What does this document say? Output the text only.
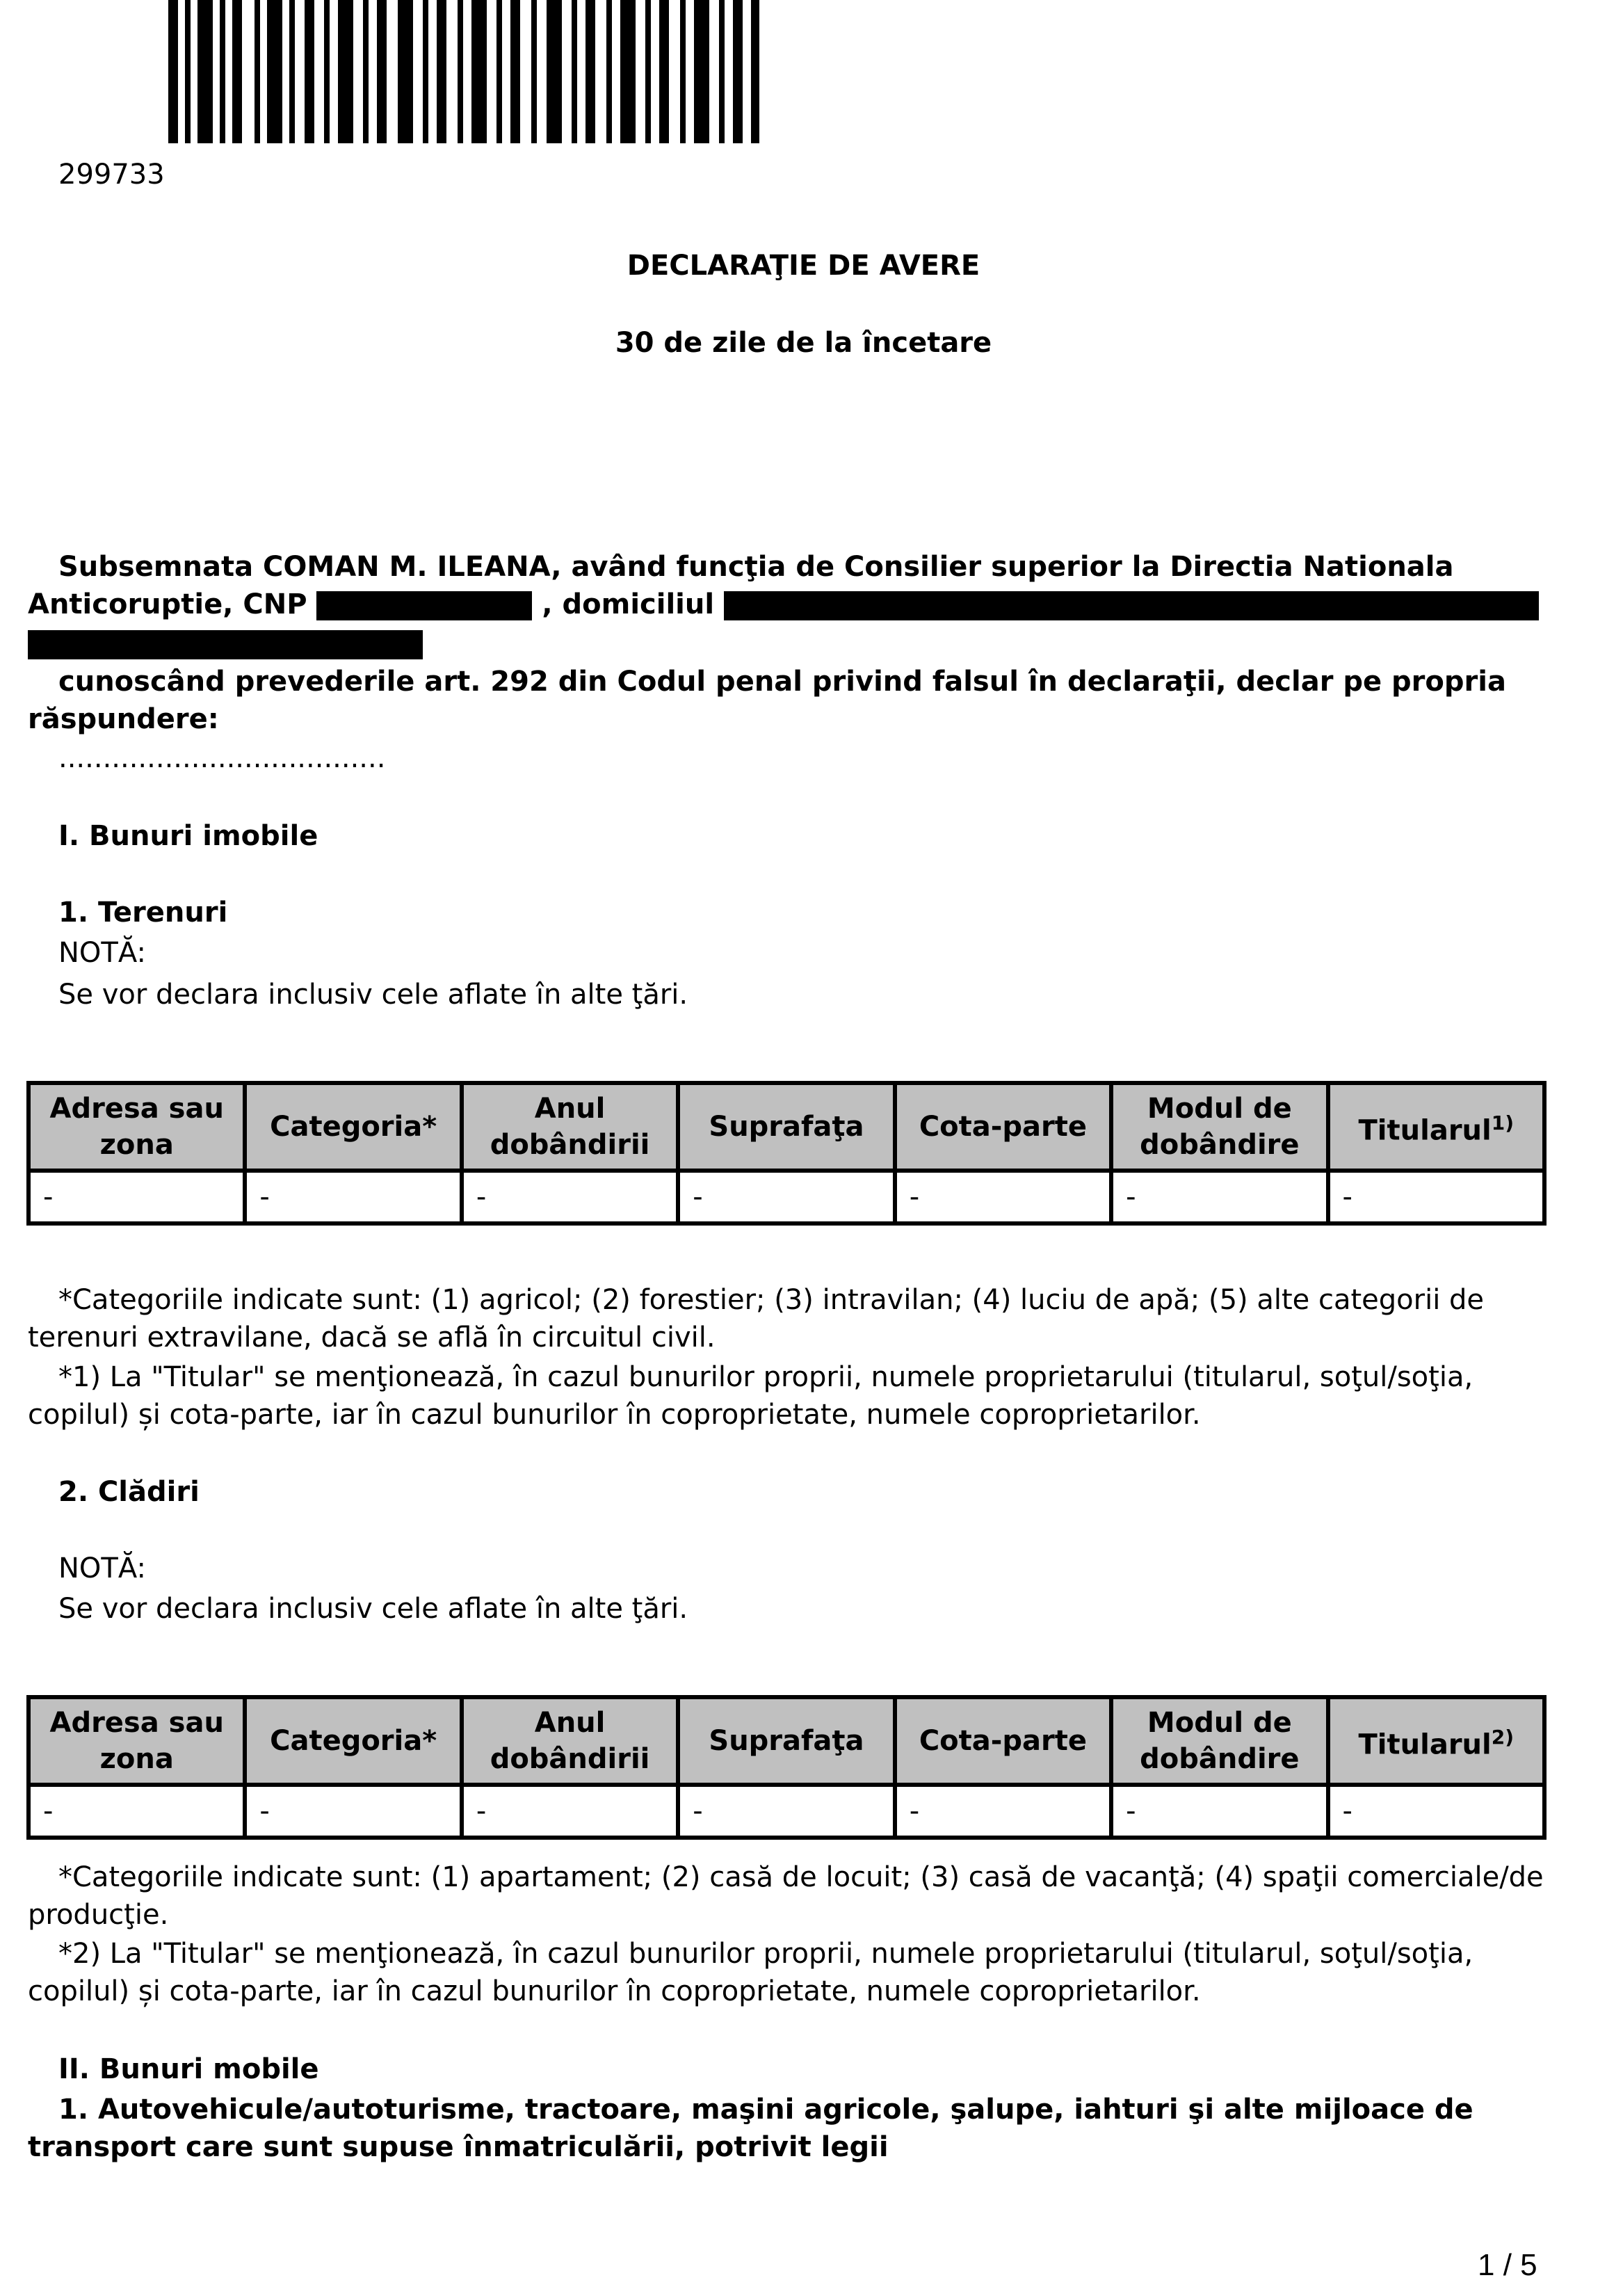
299733
DECLARAŢIE DE AVERE
30 de zile de la încetare
Subsemnata COMAN M. ILEANA, având funcţia de Consilier superior la Directia Nationala
Anticoruptie, CNP	, domiciliul
cunoscând prevederile art. 292 din Codul penal privind falsul în declaraţii, declar pe propria
răspundere:
.....................................
I. Bunuri imobile
1. Terenuri
NOTĂ:
Se vor declara inclusiv cele aflate în alte ţări.
Adresa sau zona	Categoria*	Anul dobândirii	Suprafaţa	Cota-parte	Modul de dobândire	Titularul$^{1)}$
-	-	-	-	-	-	-
*Categoriile indicate sunt: (1) agricol; (2) forestier; (3) intravilan; (4) luciu de apă; (5) alte categorii de
terenuri extravilane, dacă se află în circuitul civil.
*1) La "Titular" se menţionează, în cazul bunurilor proprii, numele proprietarului (titularul, soţul/soţia,
copilul) și cota-parte, iar în cazul bunurilor în coproprietate, numele coproprietarilor.
2. Clădiri
NOTĂ:
Se vor declara inclusiv cele aflate în alte ţări.
Adresa sau zona	Categoria*	Anul dobândirii	Suprafaţa	Cota-parte	Modul de dobândire	Titularul$^{2)}$
-	-	-	-	-	-	-
*Categoriile indicate sunt: (1) apartament; (2) casă de locuit; (3) casă de vacanţă; (4) spaţii comerciale/de
producţie.
*2) La "Titular" se menţionează, în cazul bunurilor proprii, numele proprietarului (titularul, soţul/soţia,
copilul) și cota-parte, iar în cazul bunurilor în coproprietate, numele coproprietarilor.
II. Bunuri mobile
1. Autovehicule/autoturisme, tractoare, maşini agricole, şalupe, iahturi şi alte mijloace de
transport care sunt supuse înmatriculării, potrivit legii
1 / 5
